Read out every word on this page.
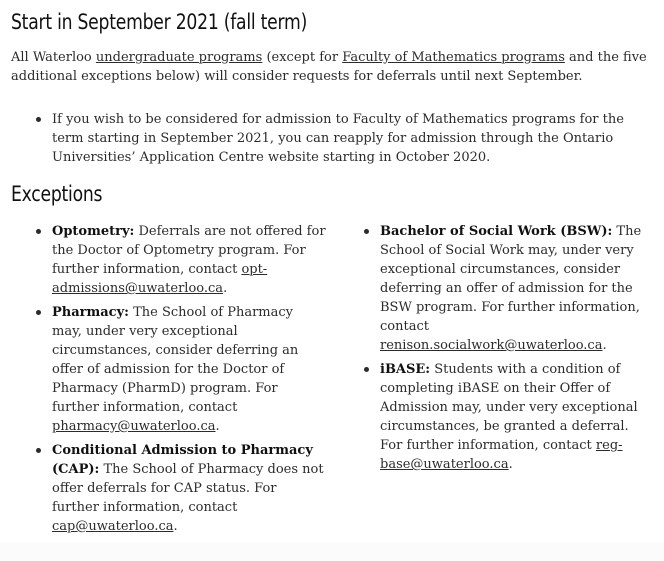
Start in September 2021 (fall term)

All Waterloo undergraduate programs (except for Faculty of Mathematics programs and the five additional exceptions below) will consider requests for deferrals until next September.

If you wish to be considered for admission to Faculty of Mathematics programs for the term starting in September 2021, you can reapply for admission through the Ontario Universities’ Application Centre website starting in October 2020.
Exceptions
Optometry: Deferrals are not offered for the Doctor of Optometry program. For further information, contact opt-admissions@uwaterloo.ca.
Pharmacy: The School of Pharmacy may, under very exceptional circumstances, consider deferring an offer of admission for the Doctor of Pharmacy (PharmD) program. For further information, contact pharmacy@uwaterloo.ca.
Conditional Admission to Pharmacy (CAP): The School of Pharmacy does not offer deferrals for CAP status. For further information, contact cap@uwaterloo.ca.
Bachelor of Social Work (BSW): The School of Social Work may, under very exceptional circumstances, consider deferring an offer of admission for the BSW program. For further information, contact renison.socialwork@uwaterloo.ca.
iBASE: Students with a condition of completing iBASE on their Offer of Admission may, under very exceptional circumstances, be granted a deferral. For further information, contact reg-base@uwaterloo.ca.
